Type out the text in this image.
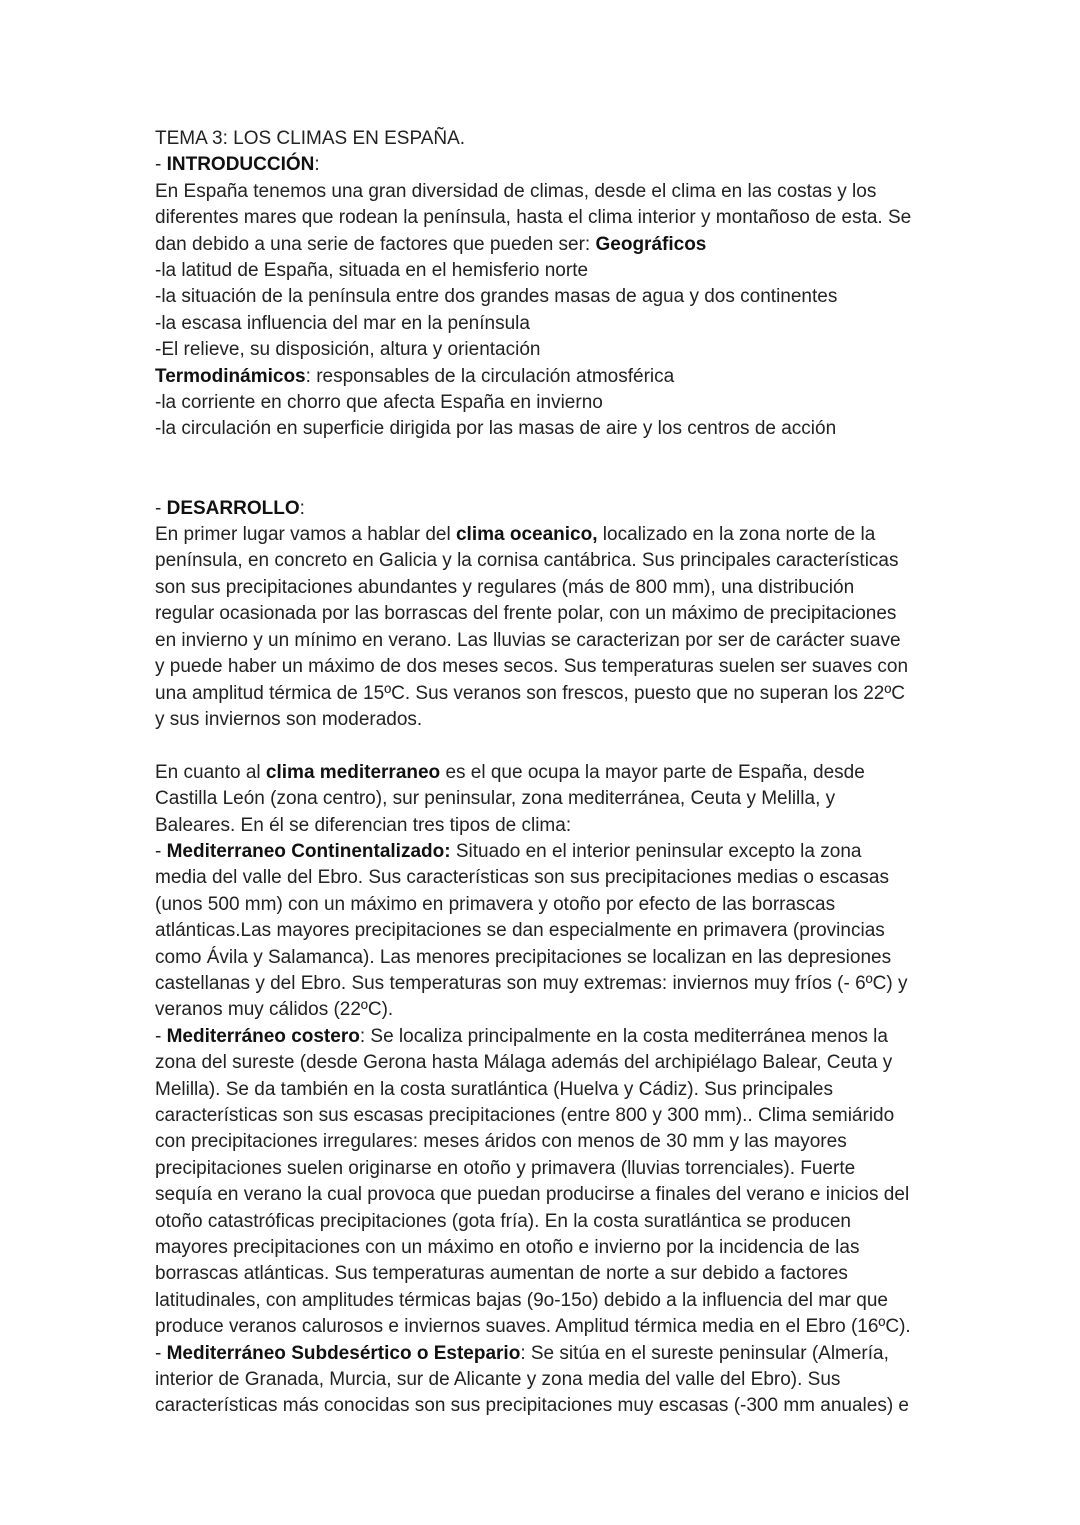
TEMA 3: LOS CLIMAS EN ESPAÑA.

- INTRODUCCIÓN:

En España tenemos una gran diversidad de climas, desde el clima en las costas y los

diferentes mares que rodean la península, hasta el clima interior y montañoso de esta. Se

dan debido a una serie de factores que pueden ser: Geográficos

-la latitud de España, situada en el hemisferio norte

-la situación de la península entre dos grandes masas de agua y dos continentes

-la escasa influencia del mar en la península

-El relieve, su disposición, altura y orientación

Termodinámicos: responsables de la circulación atmosférica

-la corriente en chorro que afecta España en invierno

-la circulación en superficie dirigida por las masas de aire y los centros de acción

- DESARROLLO:

En primer lugar vamos a hablar del clima oceanico, localizado en la zona norte de la

península, en concreto en Galicia y la cornisa cantábrica. Sus principales características

son sus precipitaciones abundantes y regulares (más de 800 mm), una distribución

regular ocasionada por las borrascas del frente polar, con un máximo de precipitaciones

en invierno y un mínimo en verano. Las lluvias se caracterizan por ser de carácter suave

y puede haber un máximo de dos meses secos. Sus temperaturas suelen ser suaves con

una amplitud térmica de 15ºC. Sus veranos son frescos, puesto que no superan los 22ºC

y sus inviernos son moderados.

En cuanto al clima mediterraneo es el que ocupa la mayor parte de España, desde

Castilla León (zona centro), sur peninsular, zona mediterránea, Ceuta y Melilla, y

Baleares. En él se diferencian tres tipos de clima:

- Mediterraneo Continentalizado: Situado en el interior peninsular excepto la zona

media del valle del Ebro. Sus características son sus precipitaciones medias o escasas

(unos 500 mm) con un máximo en primavera y otoño por efecto de las borrascas

atlánticas.Las mayores precipitaciones se dan especialmente en primavera (provincias

como Ávila y Salamanca). Las menores precipitaciones se localizan en las depresiones

castellanas y del Ebro. Sus temperaturas son muy extremas: inviernos muy fríos (- 6ºC) y

veranos muy cálidos (22ºC).

- Mediterráneo costero: Se localiza principalmente en la costa mediterránea menos la

zona del sureste (desde Gerona hasta Málaga además del archipiélago Balear, Ceuta y

Melilla). Se da también en la costa suratlántica (Huelva y Cádiz). Sus principales

características son sus escasas precipitaciones (entre 800 y 300 mm).. Clima semiárido

con precipitaciones irregulares: meses áridos con menos de 30 mm y las mayores

precipitaciones suelen originarse en otoño y primavera (lluvias torrenciales). Fuerte

sequía en verano la cual provoca que puedan producirse a finales del verano e inicios del

otoño catastróficas precipitaciones (gota fría). En la costa suratlántica se producen

mayores precipitaciones con un máximo en otoño e invierno por la incidencia de las

borrascas atlánticas. Sus temperaturas aumentan de norte a sur debido a factores

latitudinales, con amplitudes térmicas bajas (9o-15o) debido a la influencia del mar que

produce veranos calurosos e inviernos suaves. Amplitud térmica media en el Ebro (16ºC).

- Mediterráneo Subdesértico o Estepario: Se sitúa en el sureste peninsular (Almería,

interior de Granada, Murcia, sur de Alicante y zona media del valle del Ebro). Sus

características más conocidas son sus precipitaciones muy escasas (-300 mm anuales) e
